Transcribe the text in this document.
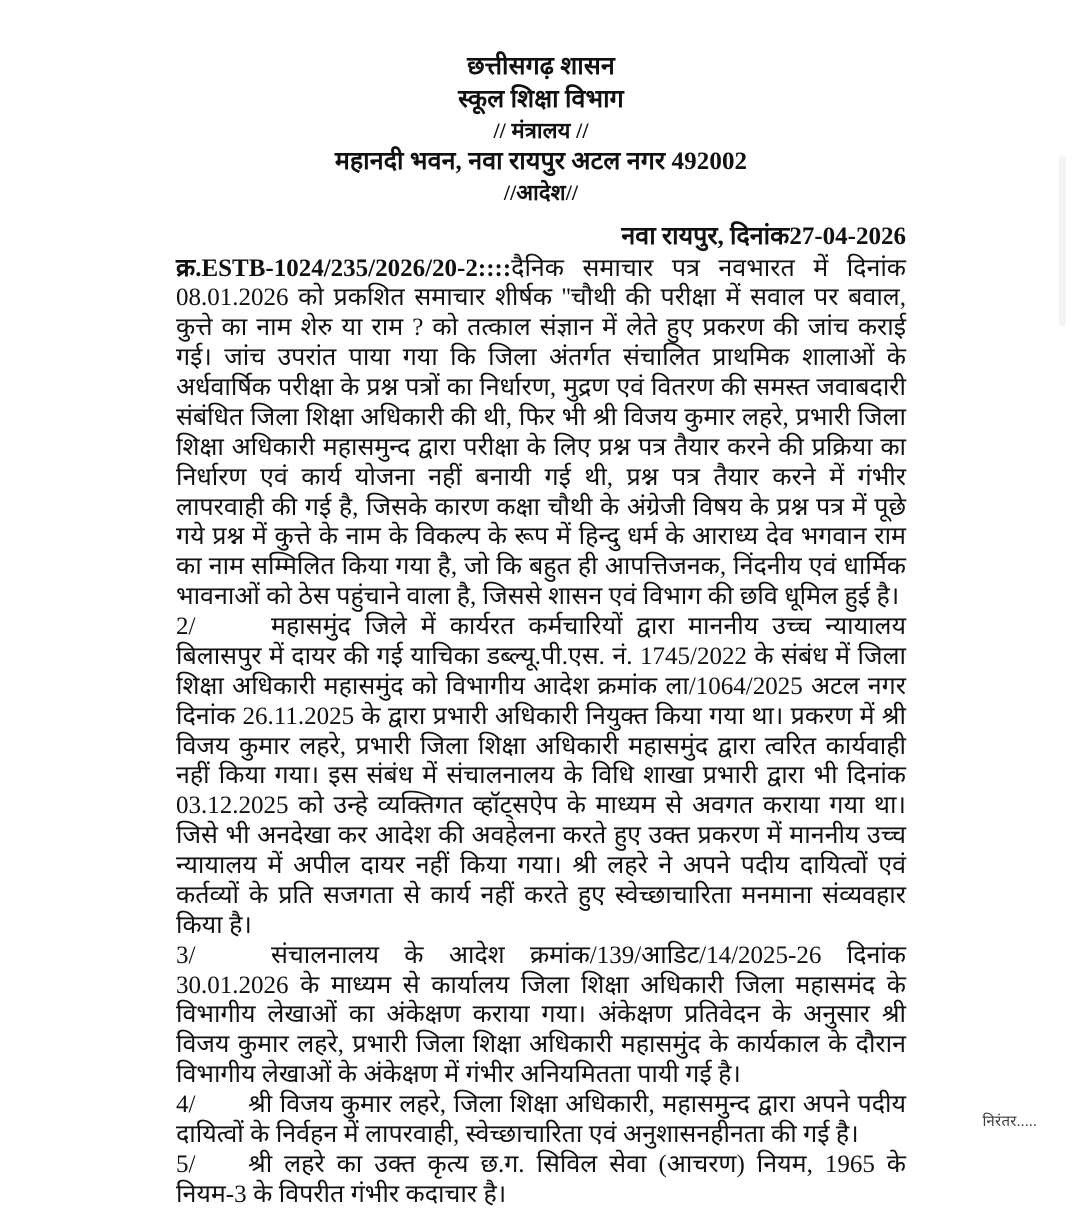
छत्तीसगढ़ शासन
स्कूल शिक्षा विभाग
// मंत्रालय //
महानदी भवन, नवा रायपुर अटल नगर 492002
//आदेश//
नवा रायपुर, दिनांक27-04-2026

क्र.ESTB-1024/235/2026/20-2::::दैनिक समाचार पत्र नवभारत में दिनांक 08.01.2026 को प्रकशित समाचार शीर्षक ''चौथी की परीक्षा में सवाल पर बवाल, कुत्ते का नाम शेरु या राम ? को तत्काल संज्ञान में लेते हुए प्रकरण की जांच कराई गई। जांच उपरांत पाया गया कि जिला अंतर्गत संचालित प्राथमिक शालाओं के अर्धवार्षिक परीक्षा के प्रश्न पत्रों का निर्धारण, मुद्रण एवं वितरण की समस्त जवाबदारी संबंधित जिला शिक्षा अधिकारी की थी, फिर भी श्री विजय कुमार लहरे, प्रभारी जिला शिक्षा अधिकारी महासमुन्द द्वारा परीक्षा के लिए प्रश्न पत्र तैयार करने की प्रक्रिया का निर्धारण एवं कार्य योजना नहीं बनायी गई थी, प्रश्न पत्र तैयार करने में गंभीर लापरवाही की गई है, जिसके कारण कक्षा चौथी के अंग्रेजी विषय के प्रश्न पत्र में पूछे गये प्रश्न में कुत्ते के नाम के विकल्प के रूप में हिन्दु धर्म के आराध्य देव भगवान राम का नाम सम्मिलित किया गया है, जो कि बहुत ही आपत्तिजनक, निंदनीय एवं धार्मिक भावनाओं को ठेस पहुंचाने वाला है, जिससे शासन एवं विभाग की छवि धूमिल हुई है।

2/	महासमुंद जिले में कार्यरत कर्मचारियों द्वारा माननीय उच्च न्यायालय बिलासपुर में दायर की गई याचिका डब्ल्यू.पी.एस. नं. 1745/2022 के संबंध में जिला शिक्षा अधिकारी महासमुंद को विभागीय आदेश क्रमांक ला/1064/2025 अटल नगर दिनांक 26.11.2025 के द्वारा प्रभारी अधिकारी नियुक्त किया गया था। प्रकरण में श्री विजय कुमार लहरे, प्रभारी जिला शिक्षा अधिकारी महासमुंद द्वारा त्वरित कार्यवाही नहीं किया गया। इस संबंध में संचालनालय के विधि शाखा प्रभारी द्वारा भी दिनांक 03.12.2025 को उन्हे व्यक्तिगत व्हॉट्सऐप के माध्यम से अवगत कराया गया था। जिसे भी अनदेखा कर आदेश की अवहेलना करते हुए उक्त प्रकरण में माननीय उच्च न्यायालय में अपील दायर नहीं किया गया। श्री लहरे ने अपने पदीय दायित्वों एवं कर्तव्यों के प्रति सजगता से कार्य नहीं करते हुए स्वेच्छाचारिता मनमाना संव्यवहार किया है।

3/	संचालनालय के आदेश क्रमांक/139/आडिट/14/2025-26 दिनांक 30.01.2026 के माध्यम से कार्यालय जिला शिक्षा अधिकारी जिला महासमंद के विभागीय लेखाओं का अंकेक्षण कराया गया। अंकेक्षण प्रतिवेदन के अनुसार श्री विजय कुमार लहरे, प्रभारी जिला शिक्षा अधिकारी महासमुंद के कार्यकाल के दौरान विभागीय लेखाओं के अंकेक्षण में गंभीर अनियमितता पायी गई है।

4/ श्री विजय कुमार लहरे, जिला शिक्षा अधिकारी, महासमुन्द द्वारा अपने पदीय दायित्वों के निर्वहन में लापरवाही, स्वेच्छाचारिता एवं अनुशासनहीनता की गई है।

5/ श्री लहरे का उक्त कृत्य छ.ग. सिविल सेवा (आचरण) नियम, 1965 के नियम-3 के विपरीत गंभीर कदाचार है।

निरंतर.....
